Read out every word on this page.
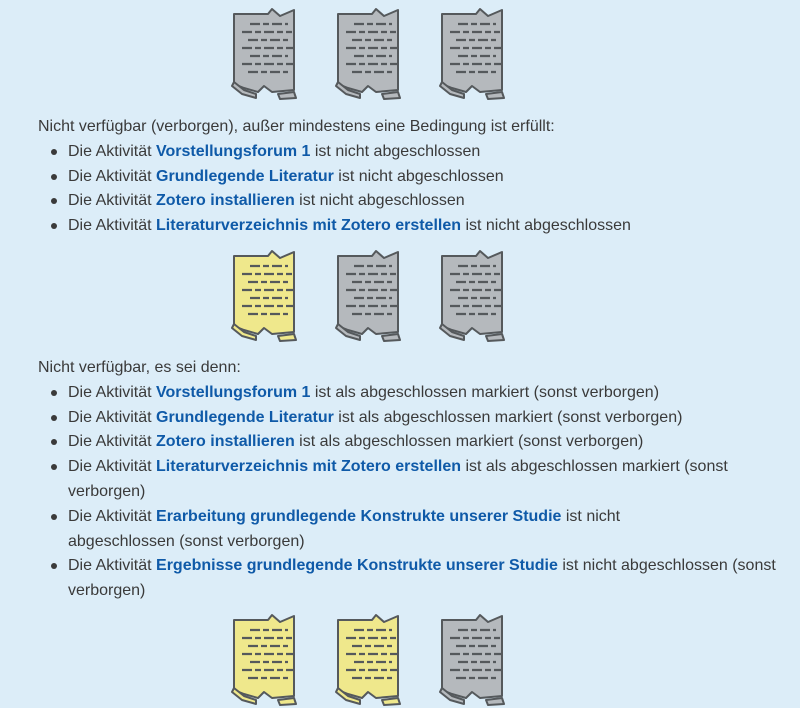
Nicht verfügbar (verborgen), außer mindestens eine Bedingung ist erfüllt:

Die Aktivität Vorstellungsforum 1 ist nicht abgeschlossen
Die Aktivität Grundlegende Literatur ist nicht abgeschlossen
Die Aktivität Zotero installieren ist nicht abgeschlossen
Die Aktivität Literaturverzeichnis mit Zotero erstellen ist nicht abgeschlossen

Nicht verfügbar, es sei denn:

Die Aktivität Vorstellungsforum 1 ist als abgeschlossen markiert (sonst verborgen)
Die Aktivität Grundlegende Literatur ist als abgeschlossen markiert (sonst verborgen)
Die Aktivität Zotero installieren ist als abgeschlossen markiert (sonst verborgen)
Die Aktivität Literaturverzeichnis mit Zotero erstellen ist als abgeschlossen markiert (sonst verborgen)
Die Aktivität Erarbeitung grundlegende Konstrukte unserer Studie ist nicht abgeschlossen (sonst verborgen)
Die Aktivität Ergebnisse grundlegende Konstrukte unserer Studie ist nicht abgeschlossen (sonst verborgen)
